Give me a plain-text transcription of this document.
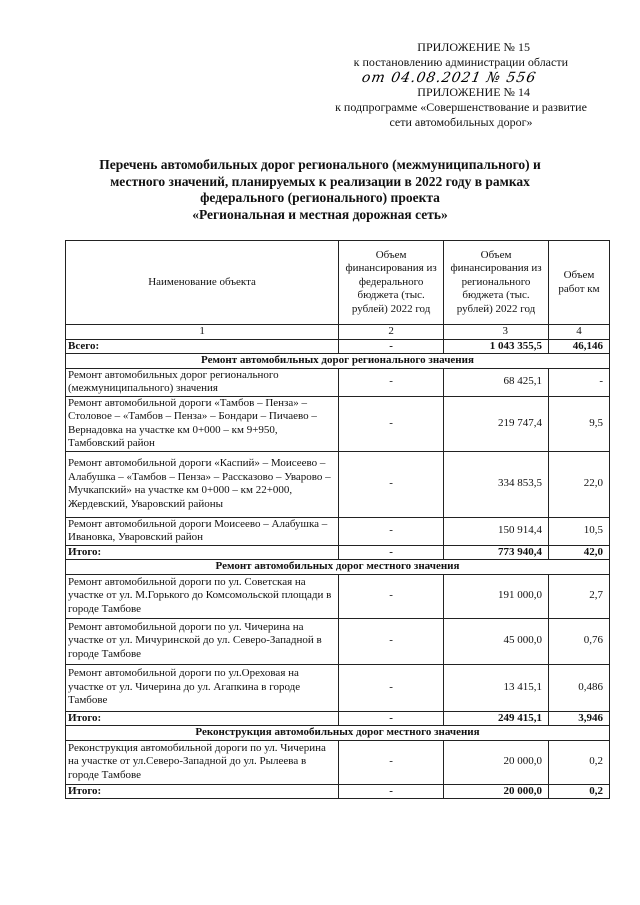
ПРИЛОЖЕНИЕ № 15
к постановлению администрации области
от 04.08.2021 № 556
ПРИЛОЖЕНИЕ № 14
к подпрограмме «Совершенствование и развитие сети автомобильных дорог»
Перечень автомобильных дорог регионального (межмуниципального) и
местного значений, планируемых к реализации в 2022 году в рамках
федерального (регионального) проекта
«Региональная и местная дорожная сеть»
Наименование объекта	Объем финансирования из федерального бюджета (тыс. рублей) 2022 год	Объем финансирования из регионального бюджета (тыс. рублей) 2022 год	Объем работ км
1	2	3	4
Всего:	-	1 043 355,5	46,146
Ремонт автомобильных дорог регионального значения			
Ремонт автомобильных дорог регионального (межмуниципального) значения	-	68 425,1	-
Ремонт автомобильной дороги «Тамбов – Пенза» – Столовое – «Тамбов – Пенза» – Бондари – Пичаево – Вернадовка на участке км 0+000 – км 9+950, Тамбовский район	-	219 747,4	9,5
Ремонт автомобильной дороги «Каспий» – Моисеево – Алабушка – «Тамбов – Пенза» – Рассказово – Уварово –Мучкапский» на участке км 0+000 – км 22+000, Жердевский, Уваровский районы	-	334 853,5	22,0
Ремонт автомобильной дороги Моисеево – Алабушка – Ивановка, Уваровский район	-	150 914,4	10,5
Итого:	-	773 940,4	42,0
Ремонт автомобильных дорог местного значения			
Ремонт автомобильной дороги по ул. Советская на участке от ул. М.Горького до Комсомольской площади в городе Тамбове	-	191 000,0	2,7
Ремонт автомобильной дороги по ул. Чичерина на участке от ул. Мичуринской до ул. Северо-Западной в городе Тамбове	-	45 000,0	0,76
Ремонт автомобильной дороги по ул.Ореховая на участке от ул. Чичерина до ул. Агапкина в городе Тамбове	-	13 415,1	0,486
Итого:	-	249 415,1	3,946
Реконструкция автомобильных дорог местного значения			
Реконструкция автомобильной дороги по ул. Чичерина на участке от ул.Северо-Западной до ул. Рылеева в городе Тамбове	-	20 000,0	0,2
Итого:	-	20 000,0	0,2
